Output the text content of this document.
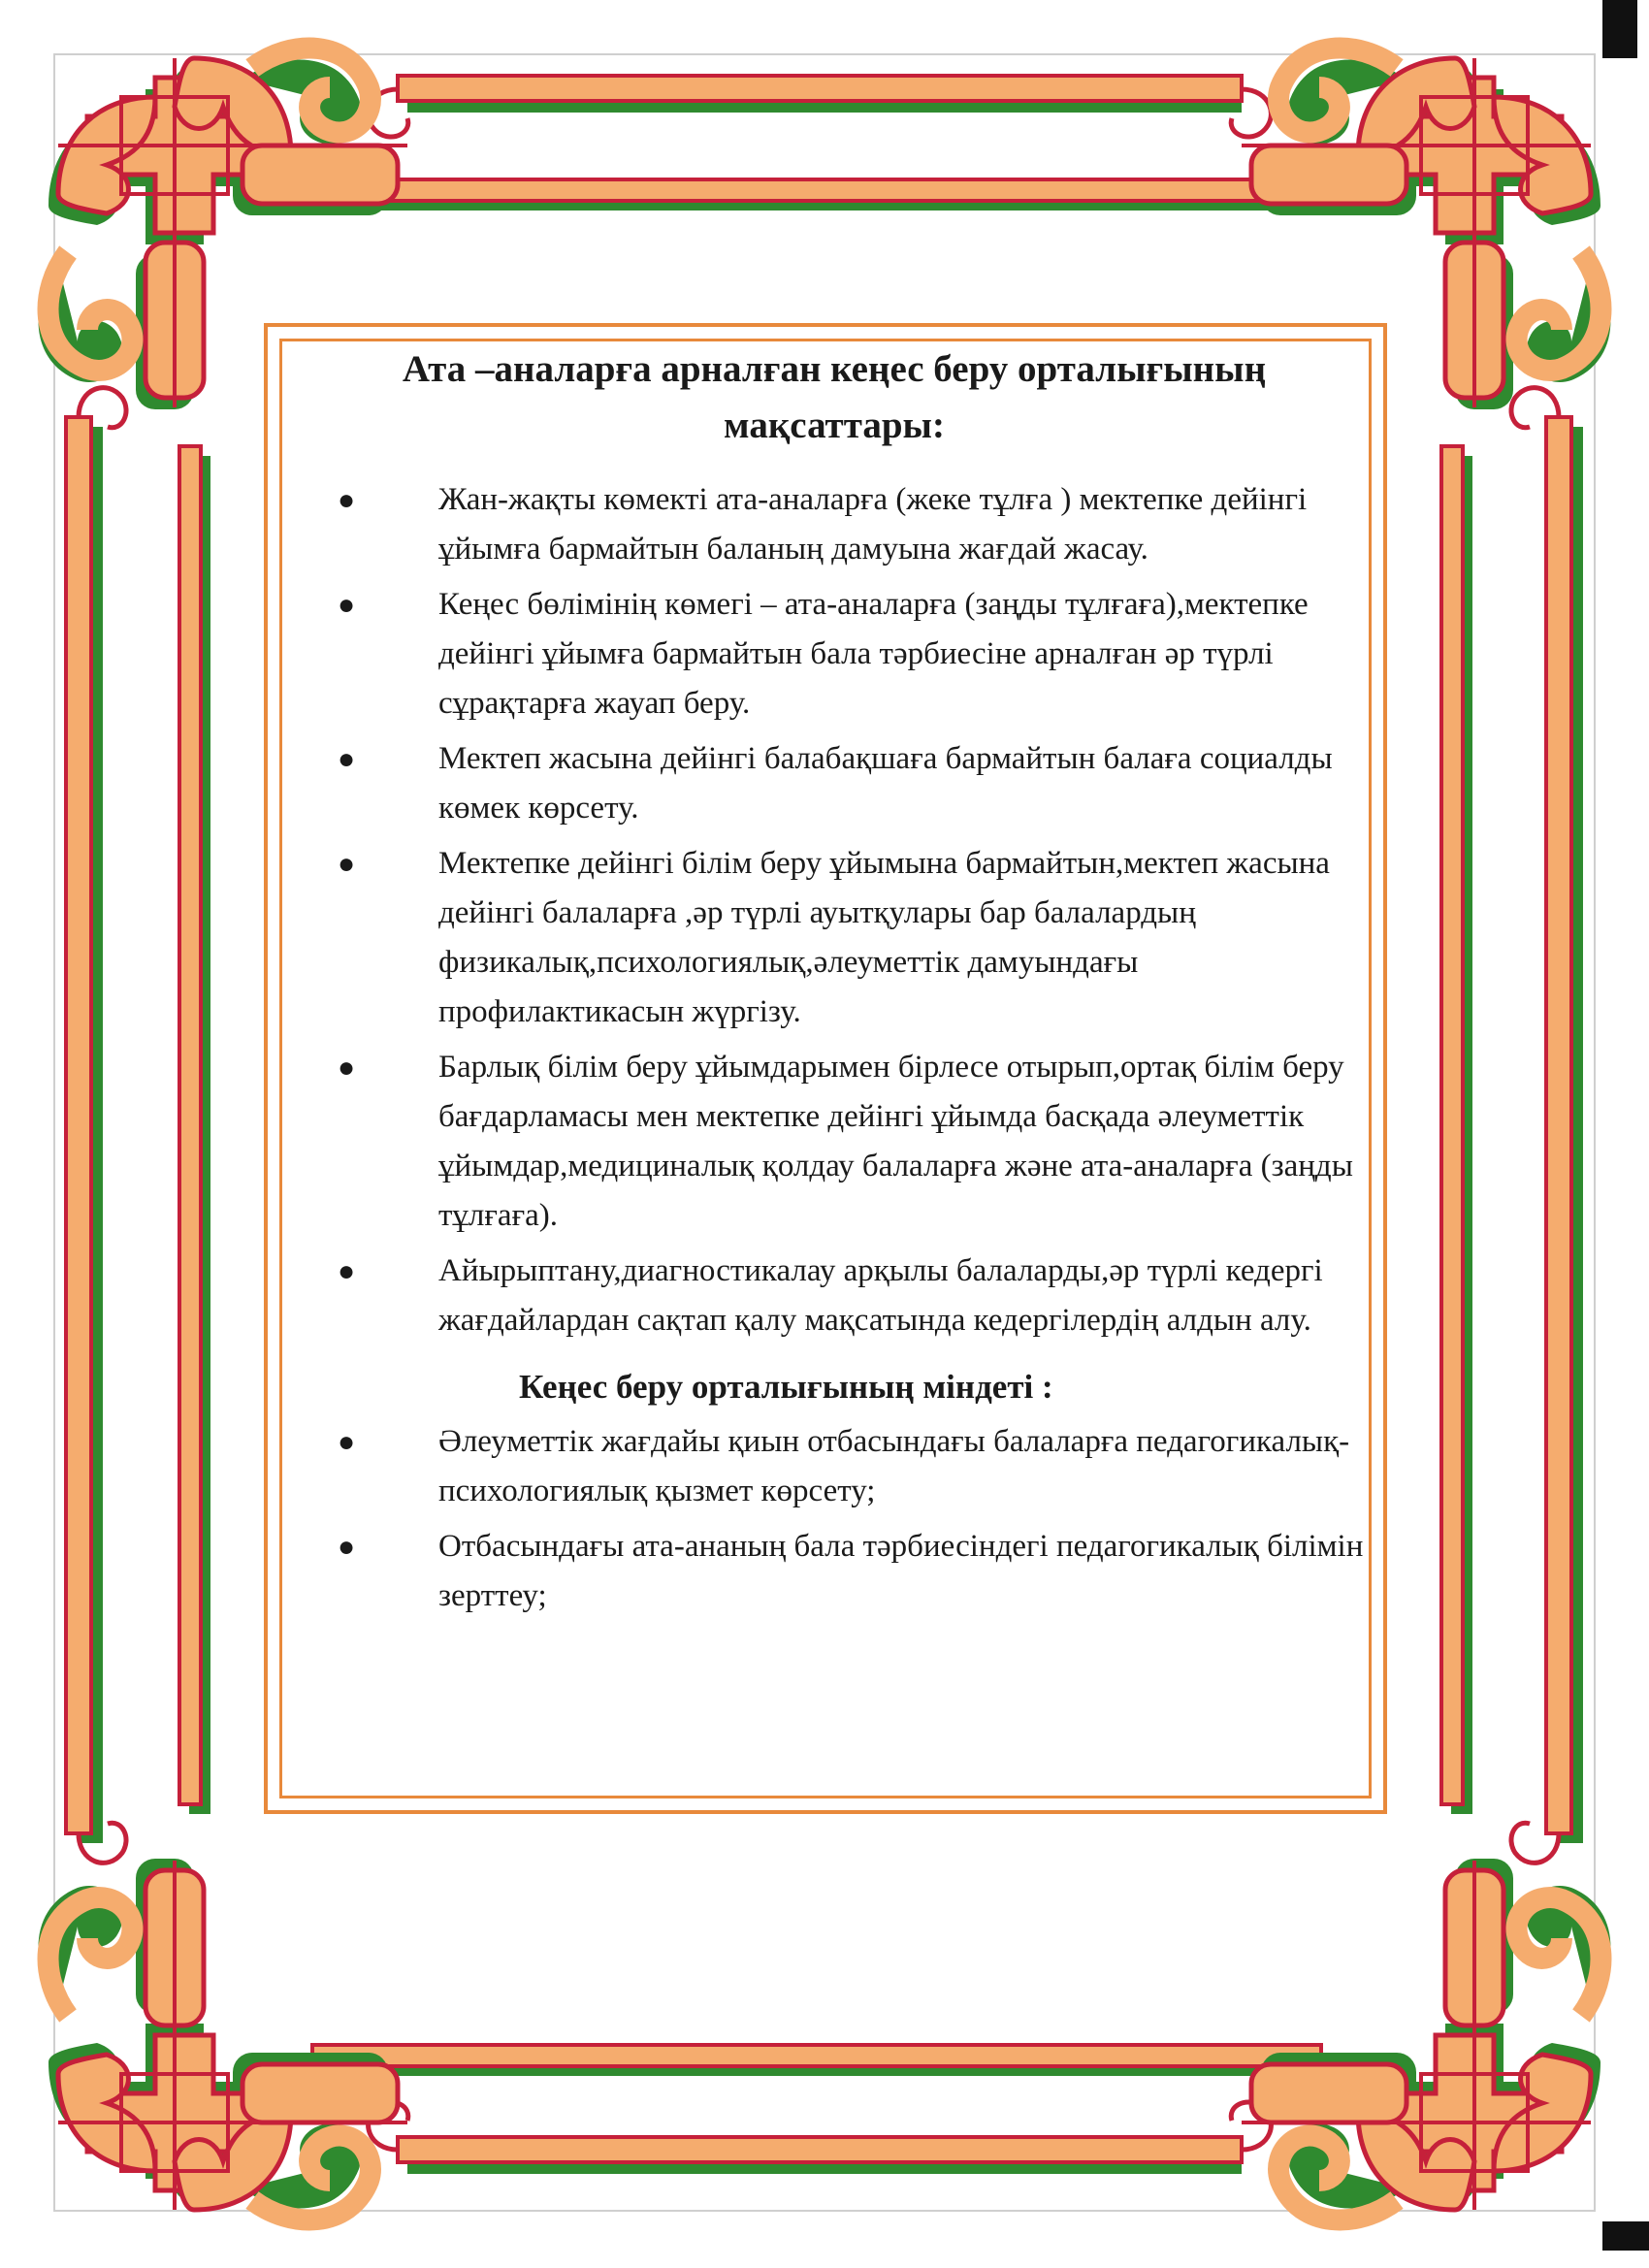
Ата –аналарға арналған кеңес беру орталығының мақсаттары:
●	Жан-жақты көмекті ата-аналарға (жеке тұлға ) мектепке дейінгі ұйымға бармайтын баланың дамуына жағдай жасау.
●	Кеңес бөлімінің көмегі – ата-аналарға (заңды тұлғаға),мектепке дейінгі ұйымға бармайтын бала тәрбиесіне арналған әр түрлі сұрақтарға жауап беру.
●	Мектеп жасына дейінгі балабақшаға бармайтын балаға социалды көмек көрсету.
●	Мектепке дейінгі білім беру ұйымына бармайтын,мектеп жасына дейінгі балаларға ,әр түрлі ауытқулары бар балалардың физикалық,психологиялық,әлеуметтік дамуындағы профилактикасын жүргізу.
●	Барлық білім беру ұйымдарымен бірлесе отырып,ортақ білім беру бағдарламасы мен мектепке дейінгі ұйымда басқада әлеуметтік ұйымдар,медициналық қолдау балаларға және ата-аналарға (заңды тұлғаға).
●	Айырыптану,диагностикалау арқылы балаларды,әр түрлі кедергі жағдайлардан сақтап қалу мақсатында кедергілердің алдын алу.
Кеңес беру орталығының міндеті :
●	Әлеуметтік жағдайы қиын отбасындағы балаларға педагогикалық-психологиялық қызмет көрсету;
●	Отбасындағы ата-ананың бала тәрбиесіндегі педагогикалық білімін зерттеу;
